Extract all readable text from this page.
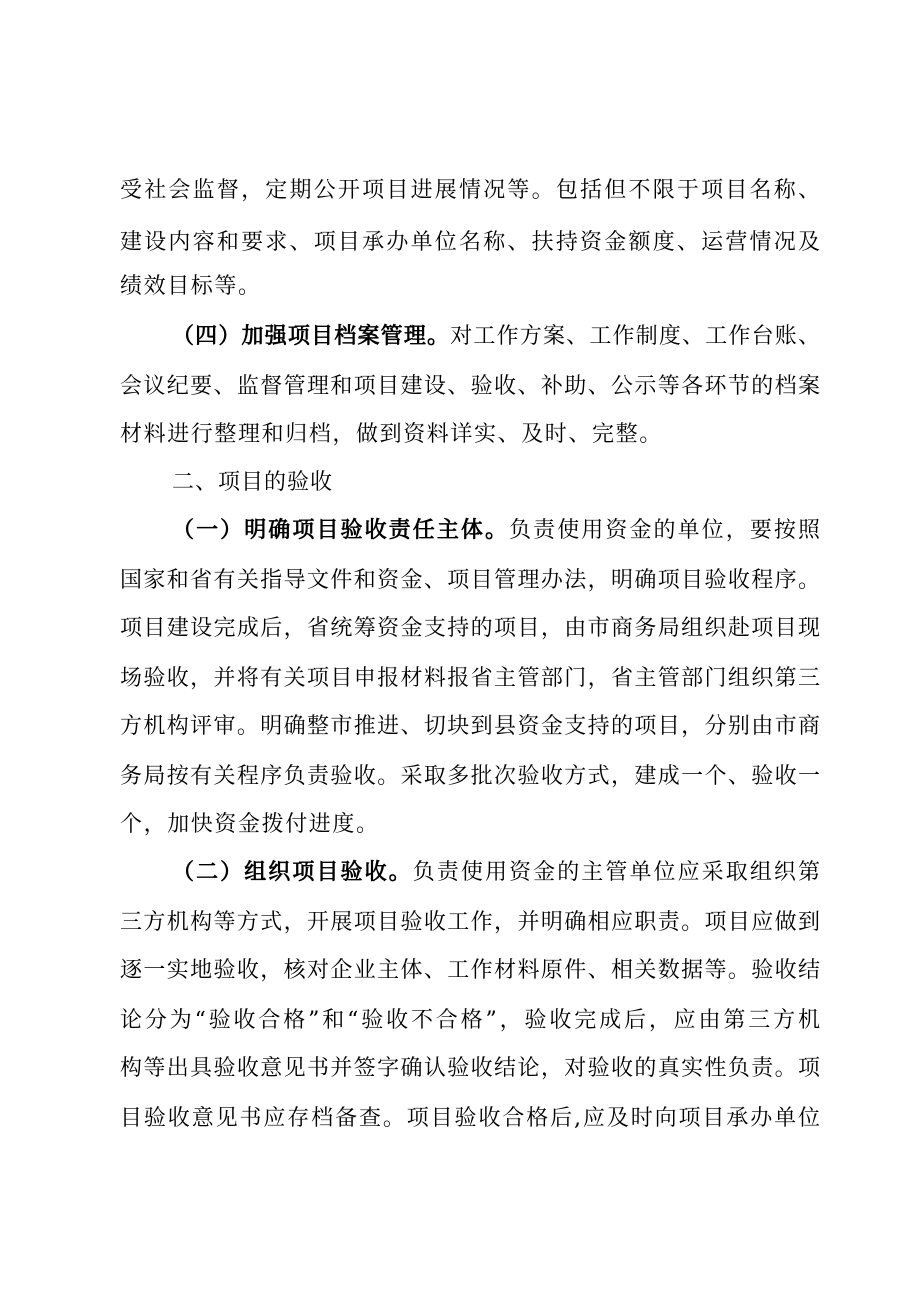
受社会监督，定期公开项目进展情况等。包括但不限于项目名称、
建设内容和要求、项目承办单位名称、扶持资金额度、运营情况及
绩效目标等。
（四）加强项目档案管理。对工作方案、工作制度、工作台账、
会议纪要、监督管理和项目建设、验收、补助、公示等各环节的档案
材料进行整理和归档，做到资料详实、及时、完整。
二、项目的验收
（一）明确项目验收责任主体。负责使用资金的单位，要按照
国家和省有关指导文件和资金、项目管理办法，明确项目验收程序。
项目建设完成后，省统筹资金支持的项目，由市商务局组织赴项目现
场验收，并将有关项目申报材料报省主管部门，省主管部门组织第三
方机构评审。明确整市推进、切块到县资金支持的项目，分别由市商
务局按有关程序负责验收。采取多批次验收方式，建成一个、验收一
个，加快资金拨付进度。
（二）组织项目验收。负责使用资金的主管单位应采取组织第
三方机构等方式，开展项目验收工作，并明确相应职责。项目应做到
逐一实地验收，核对企业主体、工作材料原件、相关数据等。验收结
论分为“验收合格”和“验收不合格”，验收完成后，应由第三方机
构等出具验收意见书并签字确认验收结论，对验收的真实性负责。项
目验收意见书应存档备查。项目验收合格后,应及时向项目承办单位
